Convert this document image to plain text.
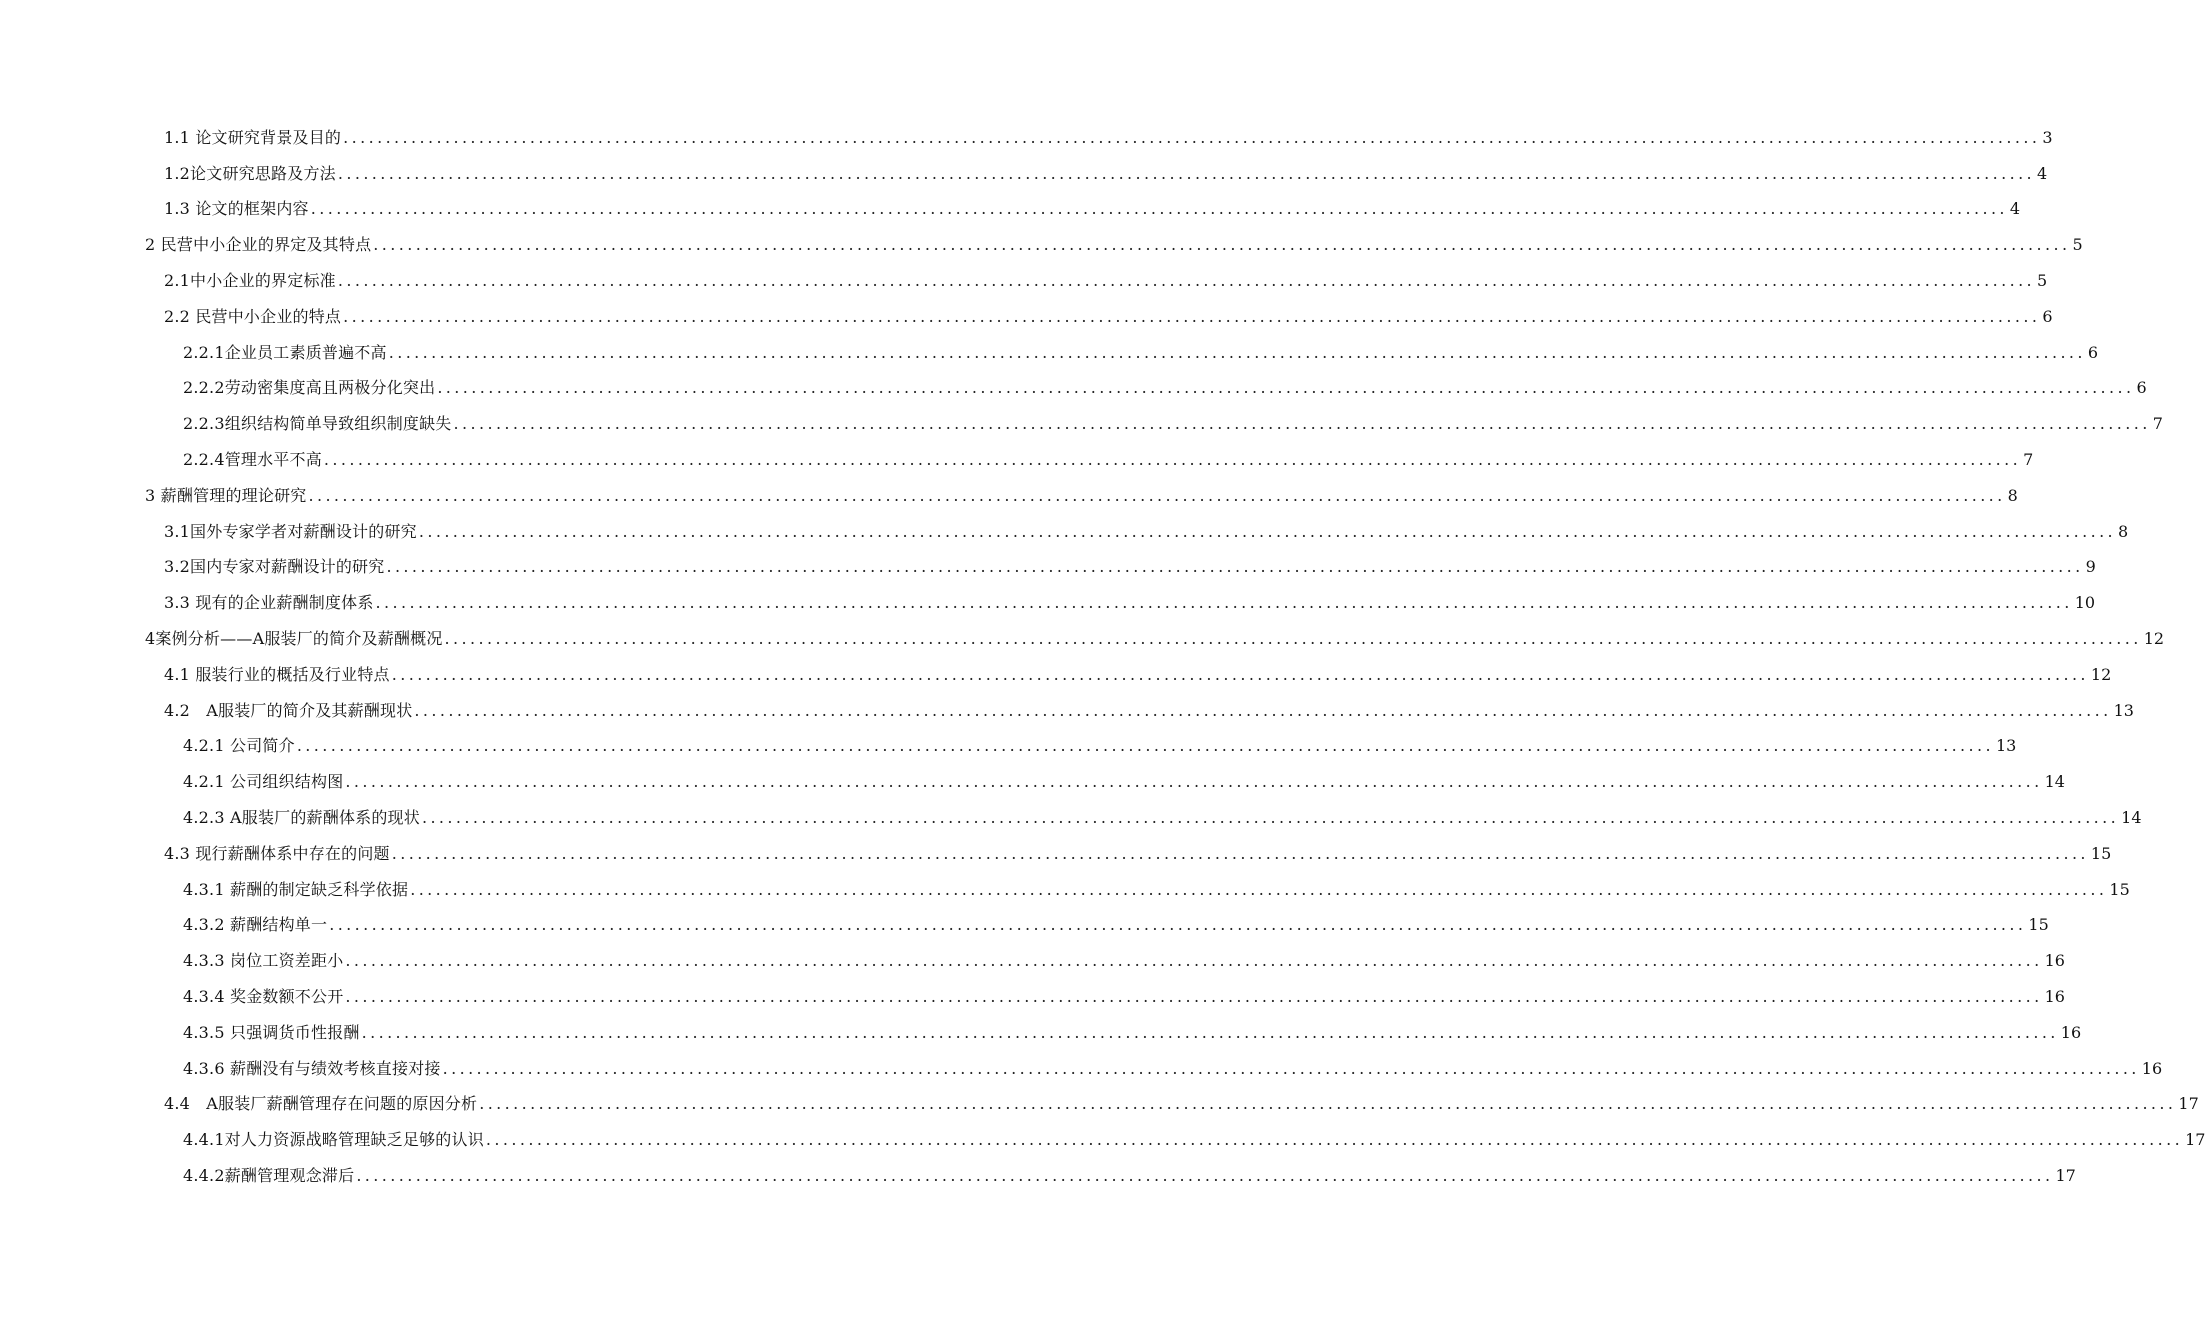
1.1 论文研究背景及目的 ........................................................................................................................................................................................................ 3
1.2论文研究思路及方法 ........................................................................................................................................................................................................ 4
1.3 论文的框架内容 ........................................................................................................................................................................................................ 4
2 民营中小企业的界定及其特点 ........................................................................................................................................................................................................ 5
2.1中小企业的界定标准 ........................................................................................................................................................................................................ 5
2.2 民营中小企业的特点 ........................................................................................................................................................................................................ 6
2.2.1企业员工素质普遍不高 ........................................................................................................................................................................................................ 6
2.2.2劳动密集度高且两极分化突出 ........................................................................................................................................................................................................ 6
2.2.3组织结构简单导致组织制度缺失 ........................................................................................................................................................................................................ 7
2.2.4管理水平不高 ........................................................................................................................................................................................................ 7
3 薪酬管理的理论研究 ........................................................................................................................................................................................................ 8
3.1国外专家学者对薪酬设计的研究 ........................................................................................................................................................................................................ 8
3.2国内专家对薪酬设计的研究 ........................................................................................................................................................................................................ 9
3.3 现有的企业薪酬制度体系 ........................................................................................................................................................................................................ 10
4案例分析——A服装厂的简介及薪酬概况 ........................................................................................................................................................................................................ 12
4.1 服装行业的概括及行业特点 ........................................................................................................................................................................................................ 12
4.2　A服装厂的简介及其薪酬现状 ........................................................................................................................................................................................................ 13
4.2.1 公司简介 ........................................................................................................................................................................................................ 13
4.2.1 公司组织结构图 ........................................................................................................................................................................................................ 14
4.2.3 A服装厂的薪酬体系的现状 ........................................................................................................................................................................................................ 14
4.3 现行薪酬体系中存在的问题 ........................................................................................................................................................................................................ 15
4.3.1 薪酬的制定缺乏科学依据 ........................................................................................................................................................................................................ 15
4.3.2 薪酬结构单一 ........................................................................................................................................................................................................ 15
4.3.3 岗位工资差距小 ........................................................................................................................................................................................................ 16
4.3.4 奖金数额不公开 ........................................................................................................................................................................................................ 16
4.3.5 只强调货币性报酬 ........................................................................................................................................................................................................ 16
4.3.6 薪酬没有与绩效考核直接对接 ........................................................................................................................................................................................................ 16
4.4　A服装厂薪酬管理存在问题的原因分析 ........................................................................................................................................................................................................ 17
4.4.1对人力资源战略管理缺乏足够的认识 ........................................................................................................................................................................................................ 17
4.4.2薪酬管理观念滞后 ........................................................................................................................................................................................................ 17
